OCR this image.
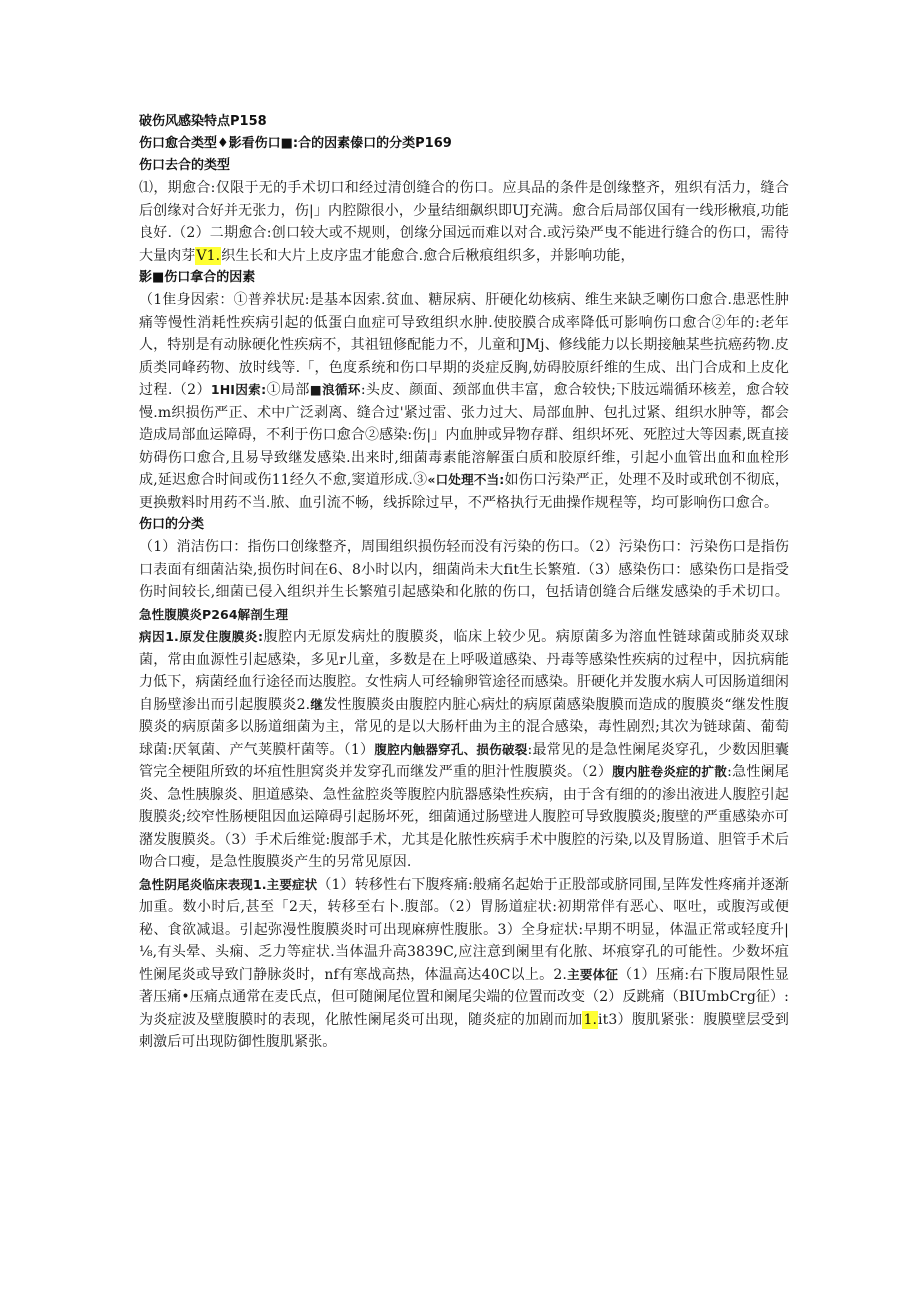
破伤风感染特点P158
伤口愈合类型♦影看伤口■:合的因素傣口的分类P169
伤口去合的类型
⑴，期愈合:仅限于无的手术切口和经过清创缝合的伤口。应具品的条件是创缘整齐，殂织有活力，缝合后创缘对合好并无张力，伤|」内腔隙很小，少量结细飙织即UJ充满。愈合后局部仅国有一线形楸痕,功能良好.（2）二期愈合:创口较大或不规则，创缘分国远而难以对合.或污染严曳不能进行缝合的伤口，需待大量肉芽V1.织生长和大片上皮序盅才能愈合.愈合后楸痕组织多，并影响功能，
影■伤口拿合的因素
（1隹身因索：①普养状尻:是基本因索.贫血、糖尿病、肝硬化幼核病、维生来缺乏喇伤口愈合.患恶性肿痛等慢性消耗性疾病引起的低蛋白血症可导致组织水肿.使胶膜合成率降低可影响伤口愈合②年的:老年人，特别是有动脉硬化性疾病不，其祖钮修配能力不，儿童和JMj、修线能力以长期接触某些抗癌药物.皮质类同峰药物、放时线等.「，色度系统和伤口早期的炎症反胸,妨碍胶原纤维的生成、出门合成和上皮化过程.（2）1HI因索:①局部■浪循环:头皮、颜面、颈部血供丰富，愈合较快;下肢远端循环核差，愈合较慢.m织损伤严正、术中广泛剥离、缝合过'紧过雷、张力过大、局部血肿、包扎过紧、组织水肿等，都会造成局部血运障碍，不利于伤口愈合②感染:伤|」内血肿或异物存群、组织坏死、死腔过大等因素,既直接妨碍伤口愈合,且易导致继发感染.出来时,细菌毒素能溶解蛋白质和胶原纤维，引起小血管出血和血栓形成,延迟愈合时间或伤11经久不愈,窦道形成.③«口处理不当:如伤口污染严正，处理不及时或玳创不彻底，更换敷料时用药不当.脓、血引流不畅，线拆除过早，不严格执行无曲操作规程等，均可影响伤口愈合。
伤口的分类
（1）消洁伤口：指伤口创缘整齐，周围组织损伤轻而没有污染的伤口。（2）污染伤口：污染伤口是指伤口表面有细菌沾染,损伤时间在6、8小时以内，细菌尚未大fit生长繁殖.（3）感染伤口：感染伤口是指受伤时间较长,细菌已侵入组织并生长繁殖引起感染和化脓的伤口，包括请创缝合后继发感染的手术切口。急性腹膜炎P264解剖生理
病因1.原发住腹膜炎:腹腔内无原发病灶的腹膜炎，临床上较少见。病原菌多为溶血性链球菌或肺炎双球菌，常由血源性引起感染，多见r儿童，多数是在上呼吸道感染、丹毒等感染性疾病的过程中，因抗病能力低下，病菌经血行途径而达腹腔。女性病人可经输卵管途径而感染。肝硬化并发腹水病人可因肠道细闲自肠壁渗出而引起腹膜炎2.继发性腹膜炎由腹腔内脏心病灶的病原菌感染腹膜而造成的腹膜炎“继发性腹膜炎的病原菌多以肠道细菌为主，常见的是以大肠杆曲为主的混合感染，毒性剧烈;其次为链球菌、葡萄球菌:厌氧菌、产气荚膜杆菌等。（1）腹腔内触器穿孔、损伤破裂:最常见的是急性阑尾炎穿孔，少数因胆囊管完全梗阻所致的坏疽性胆窝炎并发穿孔而继发严重的胆汁性腹膜炎。（2）腹内脏卷炎症的扩散:急性阑尾炎、急性胰腺炎、胆道感染、急性盆腔炎等腹腔内肮器感染性疾病，由于含有细的的渗出液进人腹腔引起腹膜炎;绞窄性肠梗阻因血运障碍引起肠坏死，细菌通过肠壁进人腹腔可导致腹膜炎;腹壁的严重感染亦可潴发腹膜炎。（3）手术后维觉:腹部手术，尤其是化脓性疾病手术中腹腔的污染,以及胃肠道、胆管手术后吻合口瘦，是急性腹膜炎产生的另常见原因.
急性阴尾炎临床表现1.主要症状（1）转移性右下腹疼痛:般痛名起始于正股部或脐同围,呈阵发性疼痛并逐渐加重。数小时后,甚至「2天，转移至右卜.腹部。（2）胃肠道症状:初期常伴有恶心、呕吐，或腹泻或便秘、食欲减退。引起弥漫性腹膜炎时可出现麻痹性腹胀。3）全身症状:早期不明显，体温正常或轻度升|⅛,有头晕、头痫、乏力等症状.当体温升高3839C,应注意到阑里有化脓、坏痕穿孔的可能性。少数坏疽性阑尾炎或导致门静脉炎时，nf有寒战高热，体温高达40C以上。2.主要体征（1）压痛:右下腹局限性显著压痛•压痛点通常在麦氏点，但可随阑尾位置和阑尾尖端的位置而改变（2）反跳痛（BIUmbCrg征）:为炎症波及壁腹膜时的表现，化脓性阑尾炎可出现，随炎症的加剧而加1.it3）腹肌紧张：腹膜壁层受到刺激后可出现防御性腹肌紧张。
